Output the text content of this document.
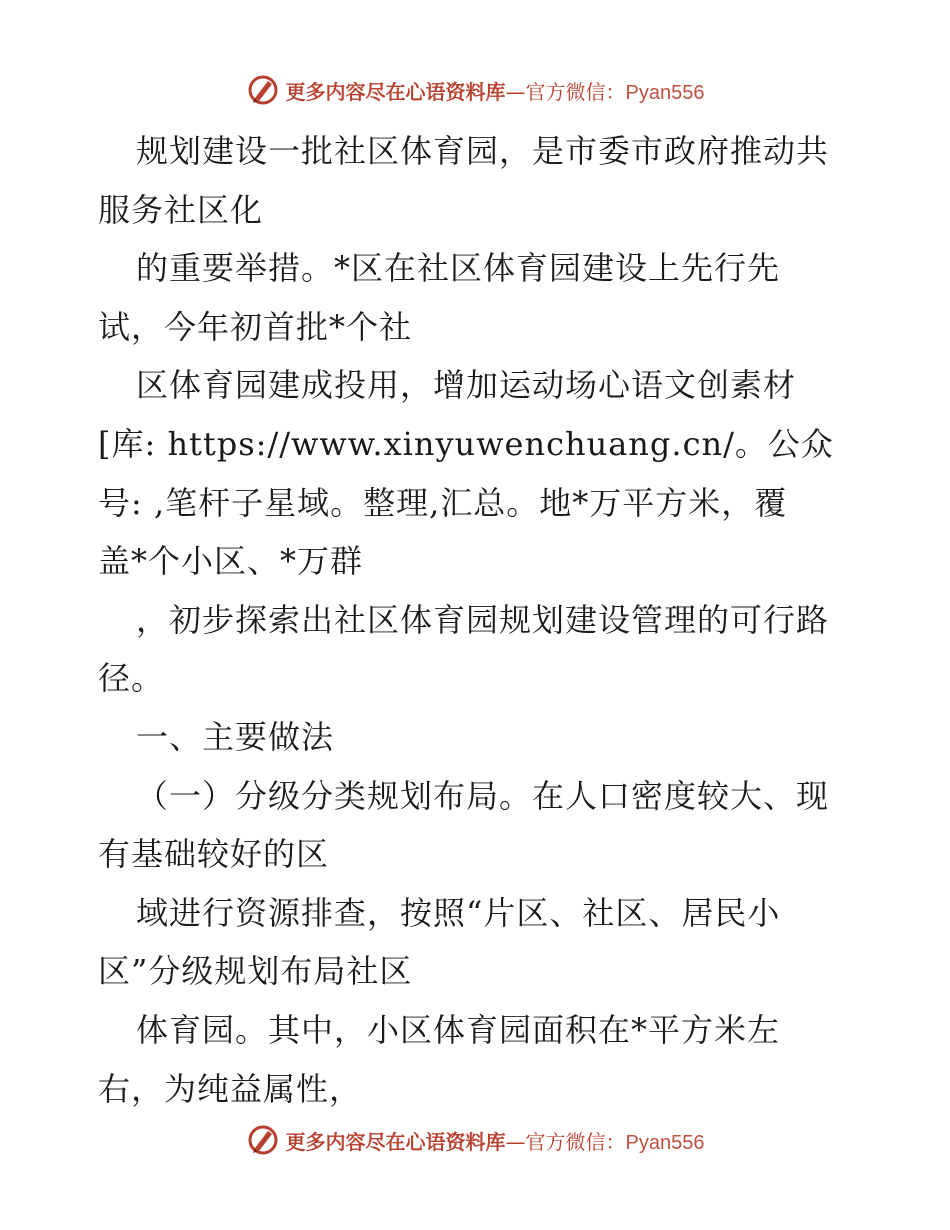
更多内容尽在心语资料库—官方微信：Pyan556
规划建设一批社区体育园，是市委市政府推动共
服务社区化
的重要举措。*区在社区体育园建设上先行先
试，今年初首批*个社
区体育园建成投用，增加运动场心语文创素材
[库: https://www.xinyuwenchuang.cn/。公众
号: ,笔杆子星域。整理,汇总。地*万平方米，覆
盖*个小区、*万群
，初步探索出社区体育园规划建设管理的可行路
径。
一、主要做法
（一）分级分类规划布局。在人口密度较大、现
有基础较好的区
域进行资源排查，按照“片区、社区、居民小
区”分级规划布局社区
体育园。其中，小区体育园面积在*平方米左
右，为纯益属性，
更多内容尽在心语资料库—官方微信：Pyan556
